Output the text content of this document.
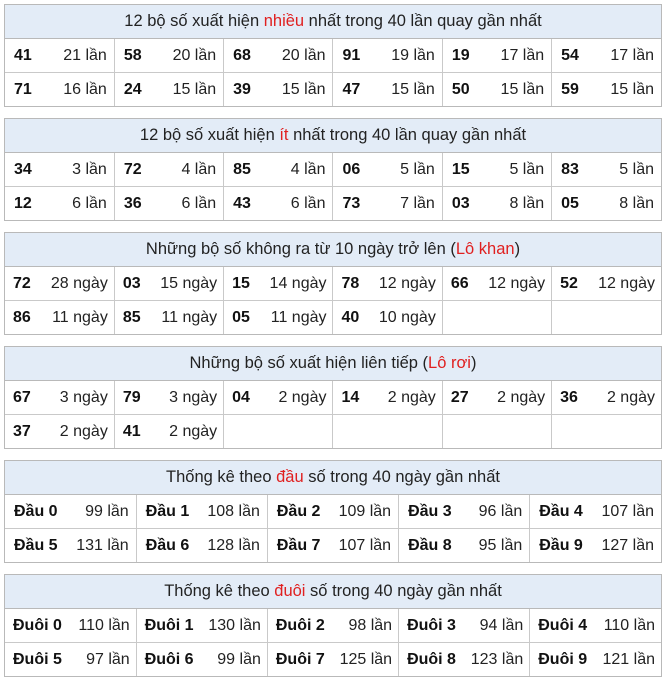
12 bộ số xuất hiện nhiều nhất trong 40 lần quay gần nhất
41 21 lần	58 20 lần	68 20 lần	91 19 lần	19 17 lần	54 17 lần

71 16 lần	24 15 lần	39 15 lần	47 15 lần	50 15 lần	59 15 lần
12 bộ số xuất hiện ít nhất trong 40 lần quay gần nhất
34 3 lần	72 4 lần	85 4 lần	06 5 lần	15 5 lần	83 5 lần

12 6 lần	36 6 lần	43 6 lần	73 7 lần	03 8 lần	05 8 lần
Những bộ số không ra từ 10 ngày trở lên (Lô khan)
72 28 ngày	03 15 ngày	15 14 ngày	78 12 ngày	66 12 ngày	52 12 ngày

86 11 ngày	85 11 ngày	05 11 ngày	40 10 ngày		

Những bộ số xuất hiện liên tiếp (Lô rơi)
67 3 ngày	79 3 ngày	04 2 ngày	14 2 ngày	27 2 ngày	36 2 ngày

37 2 ngày	41 2 ngày				

Thống kê theo đầu số trong 40 ngày gần nhất
Đầu 0 99 lần	Đầu 1 108 lần	Đầu 2 109 lần	Đầu 3 96 lần	Đầu 4 107 lần

Đầu 5 131 lần	Đầu 6 128 lần	Đầu 7 107 lần	Đầu 8 95 lần	Đầu 9 127 lần
Thống kê theo đuôi số trong 40 ngày gần nhất
Đuôi 0 110 lần	Đuôi 1 130 lần	Đuôi 2 98 lần	Đuôi 3 94 lần	Đuôi 4 110 lần

Đuôi 5 97 lần	Đuôi 6 99 lần	Đuôi 7 125 lần	Đuôi 8 123 lần	Đuôi 9 121 lần
